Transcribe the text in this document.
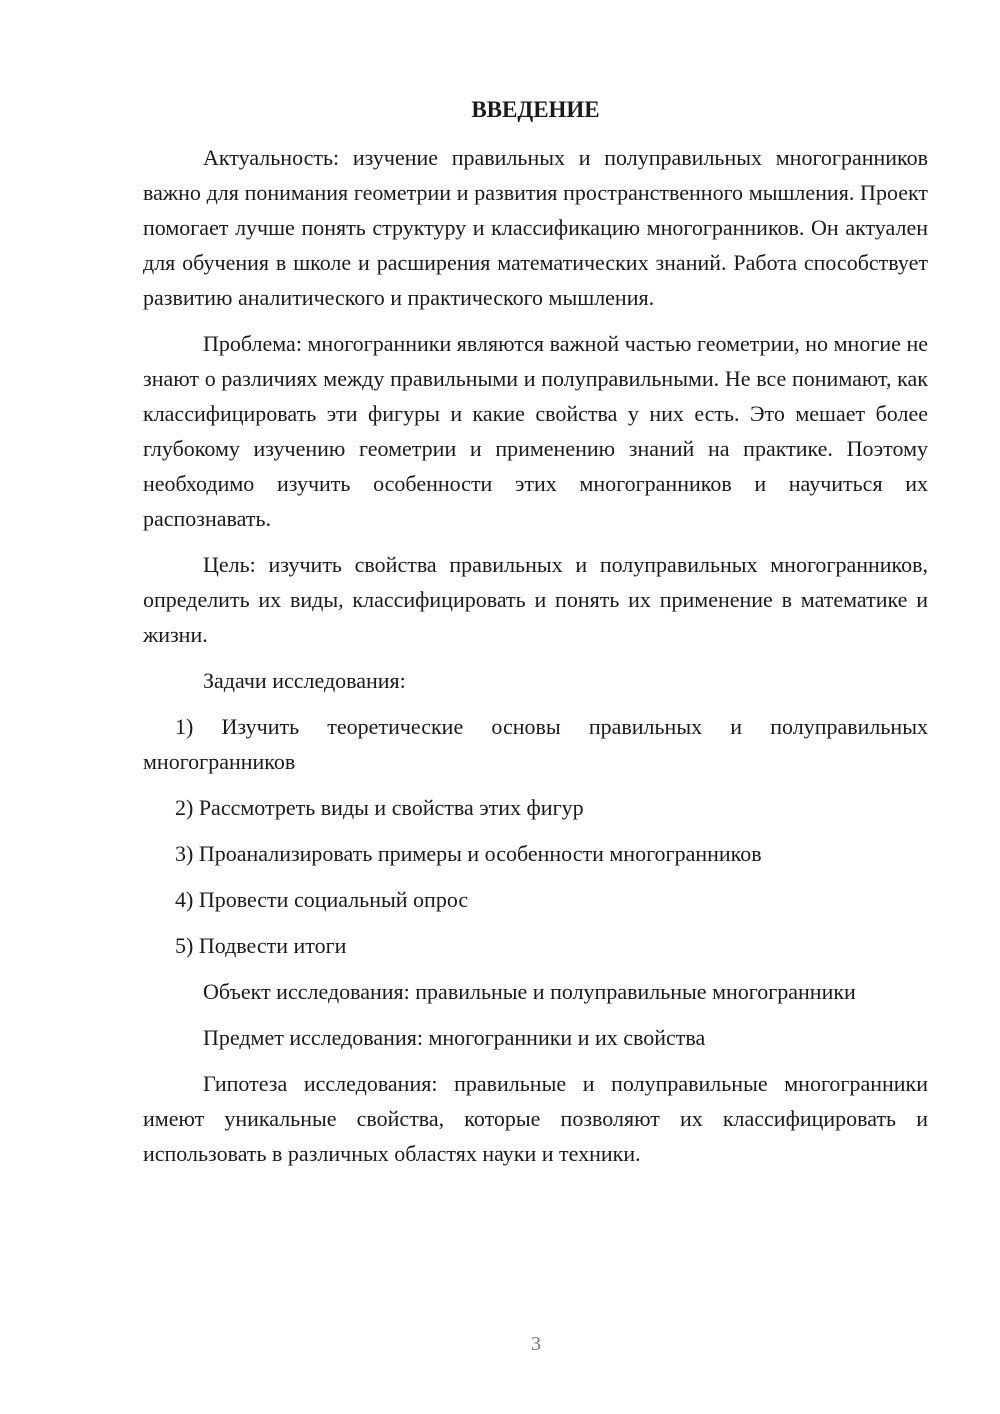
ВВЕДЕНИЕ

Актуальность: изучение правильных и полуправильных многогранников важно для понимания геометрии и развития пространственного мышления. Проект помогает лучше понять структуру и классификацию многогранников. Он актуален для обучения в школе и расширения математических знаний. Работа способствует развитию аналитического и практического мышления.

Проблема: многогранники являются важной частью геометрии, но многие не знают о различиях между правильными и полуправильными. Не все понимают, как классифицировать эти фигуры и какие свойства у них есть. Это мешает более глубокому изучению геометрии и применению знаний на практике. Поэтому необходимо изучить особенности этих многогранников и научиться их распознавать.

Цель: изучить свойства правильных и полуправильных многогранников, определить их виды, классифицировать и понять их применение в математике и жизни.

Задачи исследования:

1) Изучить теоретические основы правильных и полуправильных многогранников

2) Рассмотреть виды и свойства этих фигур

3) Проанализировать примеры и особенности многогранников

4) Провести социальный опрос

5) Подвести итоги

Объект исследования: правильные и полуправильные многогранники

Предмет исследования: многогранники и их свойства

Гипотеза исследования: правильные и полуправильные многогранники имеют уникальные свойства, которые позволяют их классифицировать и использовать в различных областях науки и техники.

3
